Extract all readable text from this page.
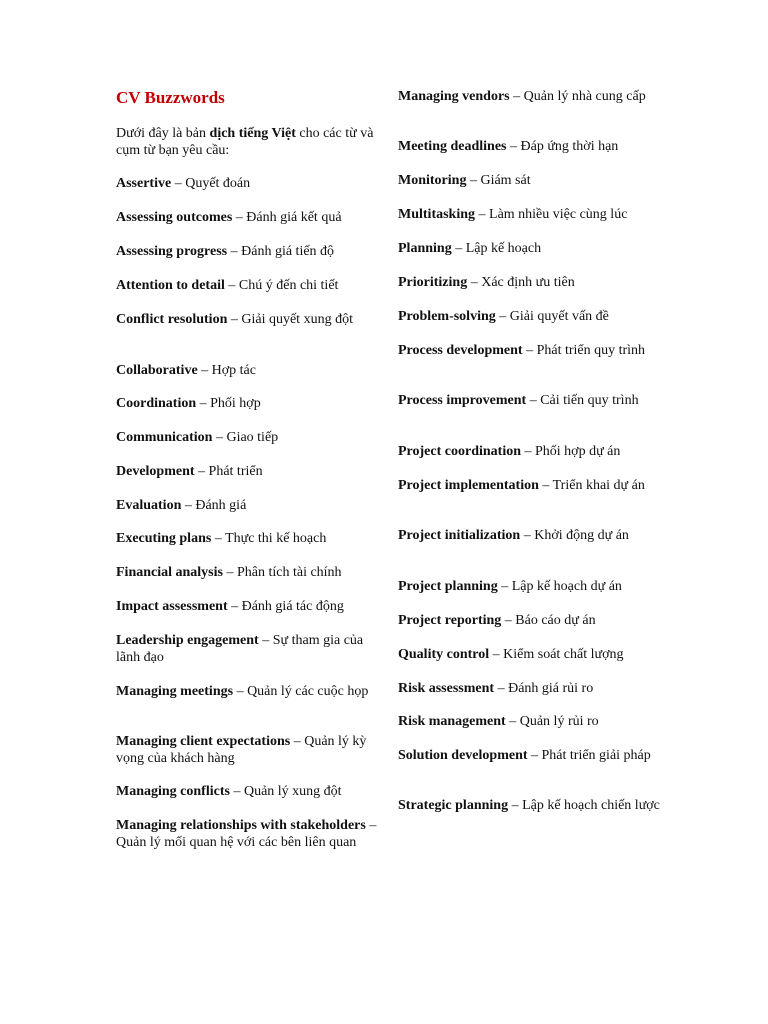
CV Buzzwords
Dưới đây là bản dịch tiếng Việt cho các từ và cụm từ bạn yêu cầu:
Assertive – Quyết đoán
Assessing outcomes – Đánh giá kết quả
Assessing progress – Đánh giá tiến độ
Attention to detail – Chú ý đến chi tiết
Conflict resolution – Giải quyết xung đột
Collaborative – Hợp tác
Coordination – Phối hợp
Communication – Giao tiếp
Development – Phát triển
Evaluation – Đánh giá
Executing plans – Thực thi kế hoạch
Financial analysis – Phân tích tài chính
Impact assessment – Đánh giá tác động
Leadership engagement – Sự tham gia của lãnh đạo
Managing meetings – Quản lý các cuộc họp
Managing client expectations – Quản lý kỳ vọng của khách hàng
Managing conflicts – Quản lý xung đột
Managing relationships with stakeholders – Quản lý mối quan hệ với các bên liên quan
Managing vendors – Quản lý nhà cung cấp
Meeting deadlines – Đáp ứng thời hạn
Monitoring – Giám sát
Multitasking – Làm nhiều việc cùng lúc
Planning – Lập kế hoạch
Prioritizing – Xác định ưu tiên
Problem-solving – Giải quyết vấn đề
Process development – Phát triển quy trình
Process improvement – Cải tiến quy trình
Project coordination – Phối hợp dự án
Project implementation – Triển khai dự án
Project initialization – Khởi động dự án
Project planning – Lập kế hoạch dự án
Project reporting – Báo cáo dự án
Quality control – Kiểm soát chất lượng
Risk assessment – Đánh giá rủi ro
Risk management – Quản lý rủi ro
Solution development – Phát triển giải pháp
Strategic planning – Lập kế hoạch chiến lược
